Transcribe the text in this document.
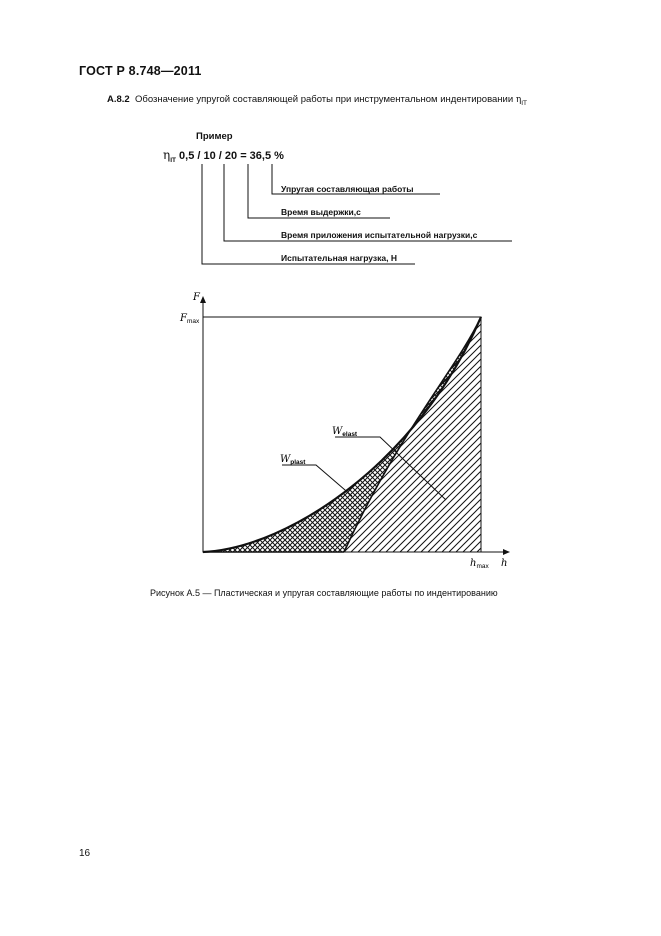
ГОСТ Р 8.748—2011
А.8.2 Обозначение упругой составляющей работы при инструментальном индентировании $\eta_{IT}$
Пример
$\eta_{IT}$ 0,5 / 10 / 20 = 36,5 %
Упругая составляющая работы
Время выдержки,с
Время приложения испытательной нагрузки,с
Испытательная нагрузка, Н
F
$F_{max}$
$h_{max}$ h
$W_{elast}$
$W_{plast}$
Рисунок А.5 — Пластическая и упругая составляющие работы по индентированию
16
